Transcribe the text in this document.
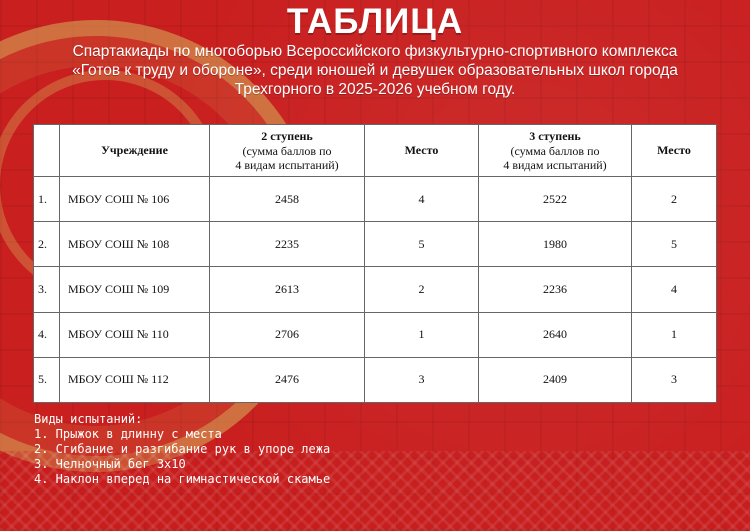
ТАБЛИЦА
Спартакиады по многоборью Всероссийского физкультурно-спортивного комплекса
«Готов к труду и обороне», среди юношей и девушек образовательных школ города
Трехгорного в 2025-2026 учебном году.
	Учреждение	2 ступень
(сумма баллов по
4 видам испытаний)	Место	3 ступень
(сумма баллов по
4 видам испытаний)	Место
1.	МБОУ СОШ № 106	2458	4	2522	2
2.	МБОУ СОШ № 108	2235	5	1980	5
3.	МБОУ СОШ № 109	2613	2	2236	4
4.	МБОУ СОШ № 110	2706	1	2640	1
5.	МБОУ СОШ № 112	2476	3	2409	3
Виды испытаний:
1. Прыжок в длинну с места
2. Сгибание и разгибание рук в упоре лежа
3. Челночный бег 3х10
4. Наклон вперед на гимнастической скамье
